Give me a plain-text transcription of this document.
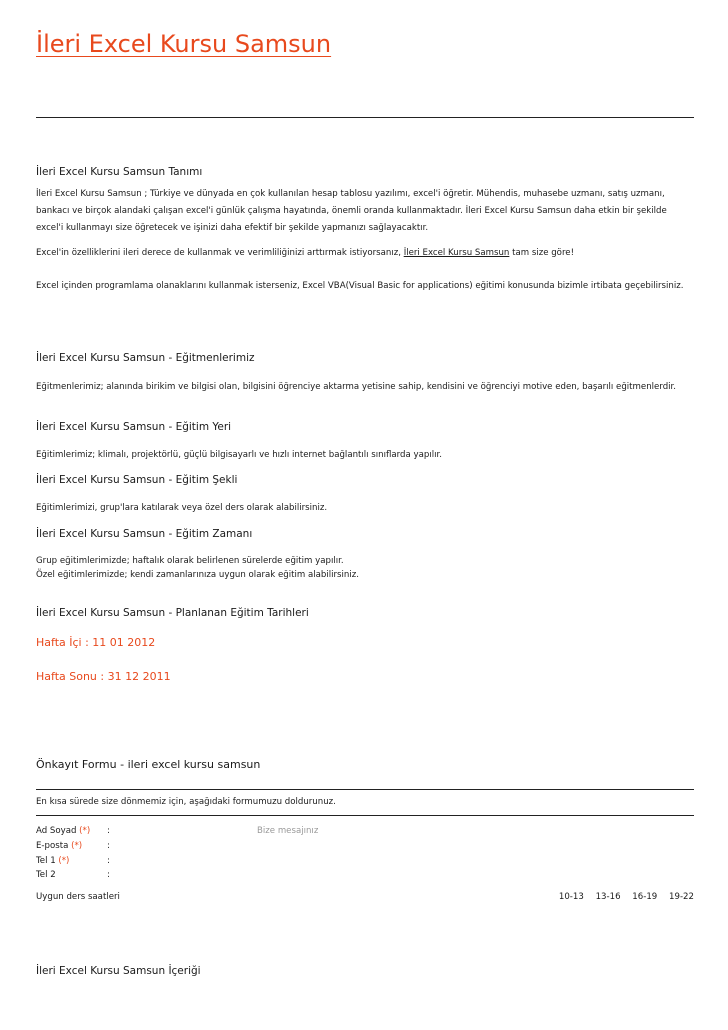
İleri Excel Kursu Samsun
İleri Excel Kursu Samsun Tanımı
İleri Excel Kursu Samsun ; Türkiye ve dünyada en çok kullanılan hesap tablosu yazılımı, excel'i öğretir. Mühendis, muhasebe uzmanı, satış uzmanı, bankacı ve birçok alandaki çalışan excel'i günlük çalışma hayatında, önemli oranda kullanmaktadır. İleri Excel Kursu Samsun daha etkin bir şekilde excel'i kullanmayı size öğretecek ve işinizi daha efektif bir şekilde yapmanızı sağlayacaktır.
Excel'in özelliklerini ileri derece de kullanmak ve verimliliğinizi arttırmak istiyorsanız, İleri Excel Kursu Samsun tam size göre!
Excel içinden programlama olanaklarını kullanmak isterseniz, Excel VBA(Visual Basic for applications) eğitimi konusunda bizimle irtibata geçebilirsiniz.
İleri Excel Kursu Samsun - Eğitmenlerimiz
Eğitmenlerimiz; alanında birikim ve bilgisi olan, bilgisini öğrenciye aktarma yetisine sahip, kendisini ve öğrenciyi motive eden, başarılı eğitmenlerdir.
İleri Excel Kursu Samsun - Eğitim Yeri
Eğitimlerimiz; klimalı, projektörlü, güçlü bilgisayarlı ve hızlı internet bağlantılı sınıflarda yapılır.
İleri Excel Kursu Samsun - Eğitim Şekli
Eğitimlerimizi, grup'lara katılarak veya özel ders olarak alabilirsiniz.
İleri Excel Kursu Samsun - Eğitim Zamanı
Grup eğitimlerimizde; haftalık olarak belirlenen sürelerde eğitim yapılır.
Özel eğitimlerimizde; kendi zamanlarınıza uygun olarak eğitim alabilirsiniz.
İleri Excel Kursu Samsun - Planlanan Eğitim Tarihleri
Hafta İçi : 11 01 2012
Hafta Sonu : 31 12 2011
Önkayıt Formu - ileri excel kursu samsun
En kısa sürede size dönmemiz için, aşağıdaki formumuzu doldurunuz.
Ad Soyad (*) :	Bize mesajınız
E-posta (*)	:
Tel 1 (*)	:
Tel 2	:
Uygun ders saatleri	10-13 13-16 16-19 19-22
İleri Excel Kursu Samsun İçeriği
